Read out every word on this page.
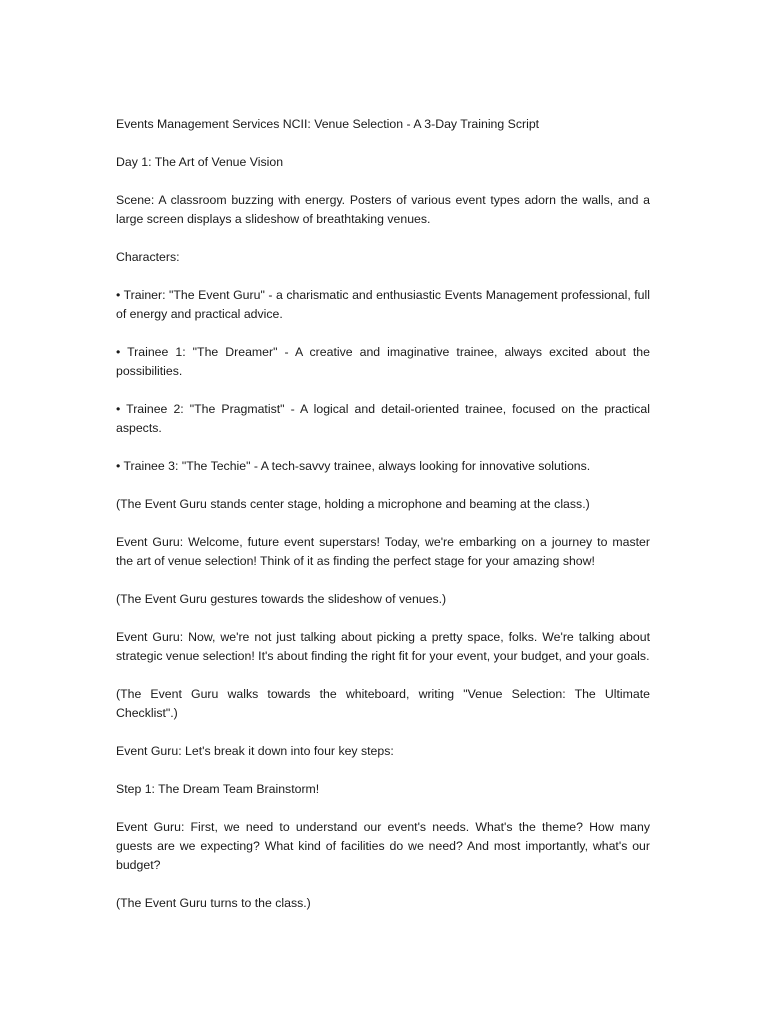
Events Management Services NCII: Venue Selection - A 3-Day Training Script

Day 1: The Art of Venue Vision

Scene: A classroom buzzing with energy. Posters of various event types adorn the walls, and a large screen displays a slideshow of breathtaking venues.

Characters:

• Trainer: "The Event Guru" - a charismatic and enthusiastic Events Management professional, full of energy and practical advice.

• Trainee 1: "The Dreamer" - A creative and imaginative trainee, always excited about the possibilities.

• Trainee 2: "The Pragmatist" - A logical and detail-oriented trainee, focused on the practical aspects.

• Trainee 3: "The Techie" - A tech-savvy trainee, always looking for innovative solutions.

(The Event Guru stands center stage, holding a microphone and beaming at the class.)

Event Guru: Welcome, future event superstars! Today, we're embarking on a journey to master the art of venue selection! Think of it as finding the perfect stage for your amazing show!

(The Event Guru gestures towards the slideshow of venues.)

Event Guru: Now, we're not just talking about picking a pretty space, folks. We're talking about strategic venue selection! It's about finding the right fit for your event, your budget, and your goals.

(The Event Guru walks towards the whiteboard, writing "Venue Selection: The Ultimate Checklist".)

Event Guru: Let's break it down into four key steps:

Step 1: The Dream Team Brainstorm!

Event Guru: First, we need to understand our event's needs. What's the theme? How many guests are we expecting? What kind of facilities do we need? And most importantly, what's our budget?

(The Event Guru turns to the class.)
